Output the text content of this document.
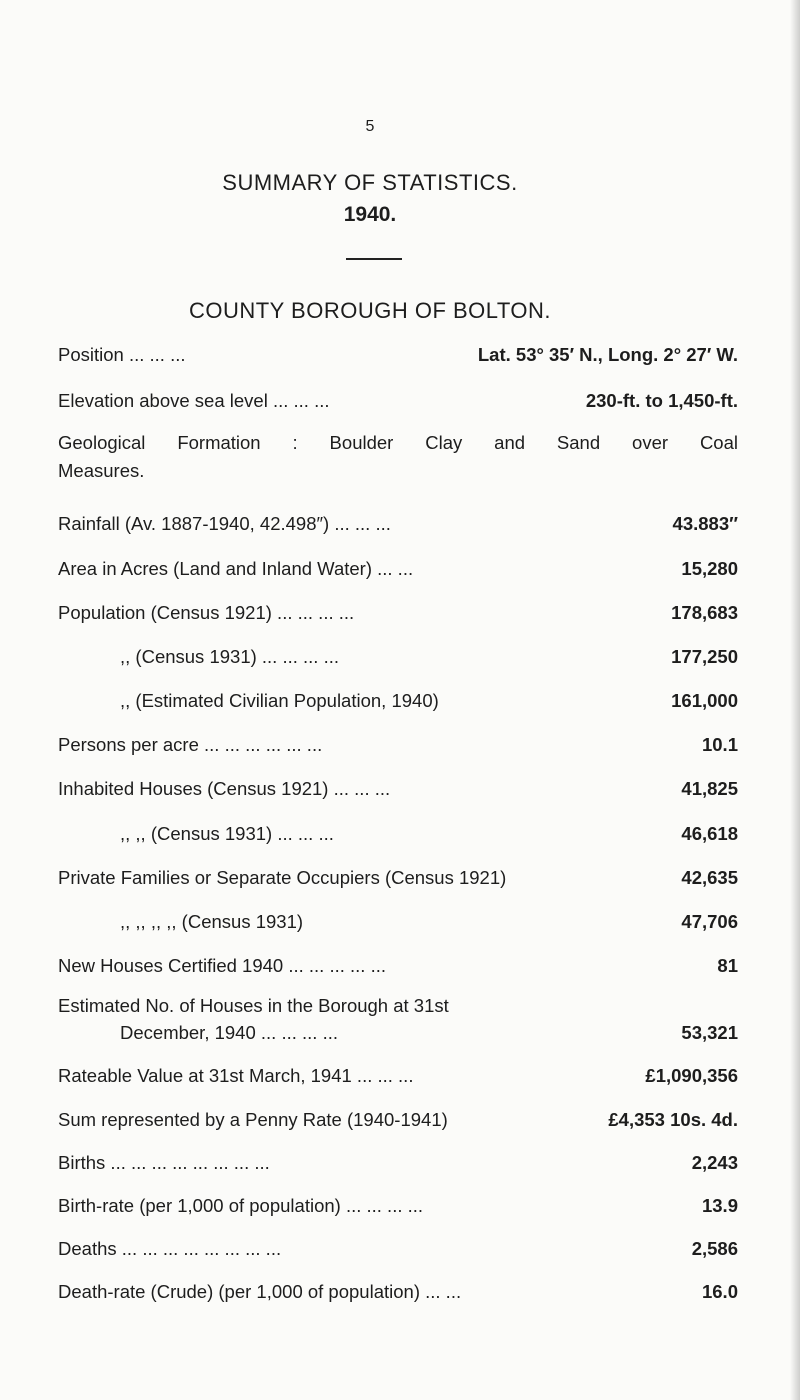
5
SUMMARY OF STATISTICS.
1940.
COUNTY BOROUGH OF BOLTON.
Position ... ... ...	Lat. 53° 35′ N., Long. 2° 27′ W.
Elevation above sea level ... ... ...	230-ft. to 1,450-ft.
Geological Formation : Boulder Clay and Sand over Coal
Measures.
Rainfall (Av. 1887-1940, 42.498″) ... ... ...	43.883″
Area in Acres (Land and Inland Water) ... ...	15,280
Population (Census 1921) ... ... ... ...	178,683
,, (Census 1931) ... ... ... ...	177,250
,, (Estimated Civilian Population, 1940)	161,000
Persons per acre ... ... ... ... ... ...	10.1
Inhabited Houses (Census 1921) ... ... ...	41,825
,, ,, (Census 1931) ... ... ...	46,618
Private Families or Separate Occupiers (Census 1921)	42,635
,, ,, ,, ,, (Census 1931)	47,706
New Houses Certified 1940 ... ... ... ... ...	81
Estimated No. of Houses in the Borough at 31st
December, 1940 ... ... ... ...	53,321
Rateable Value at 31st March, 1941 ... ... ...	£1,090,356
Sum represented by a Penny Rate (1940-1941)	£4,353 10s. 4d.
Births ... ... ... ... ... ... ... ...	2,243
Birth-rate (per 1,000 of population) ... ... ... ...	13.9
Deaths ... ... ... ... ... ... ... ...	2,586
Death-rate (Crude) (per 1,000 of population) ... ...	16.0
